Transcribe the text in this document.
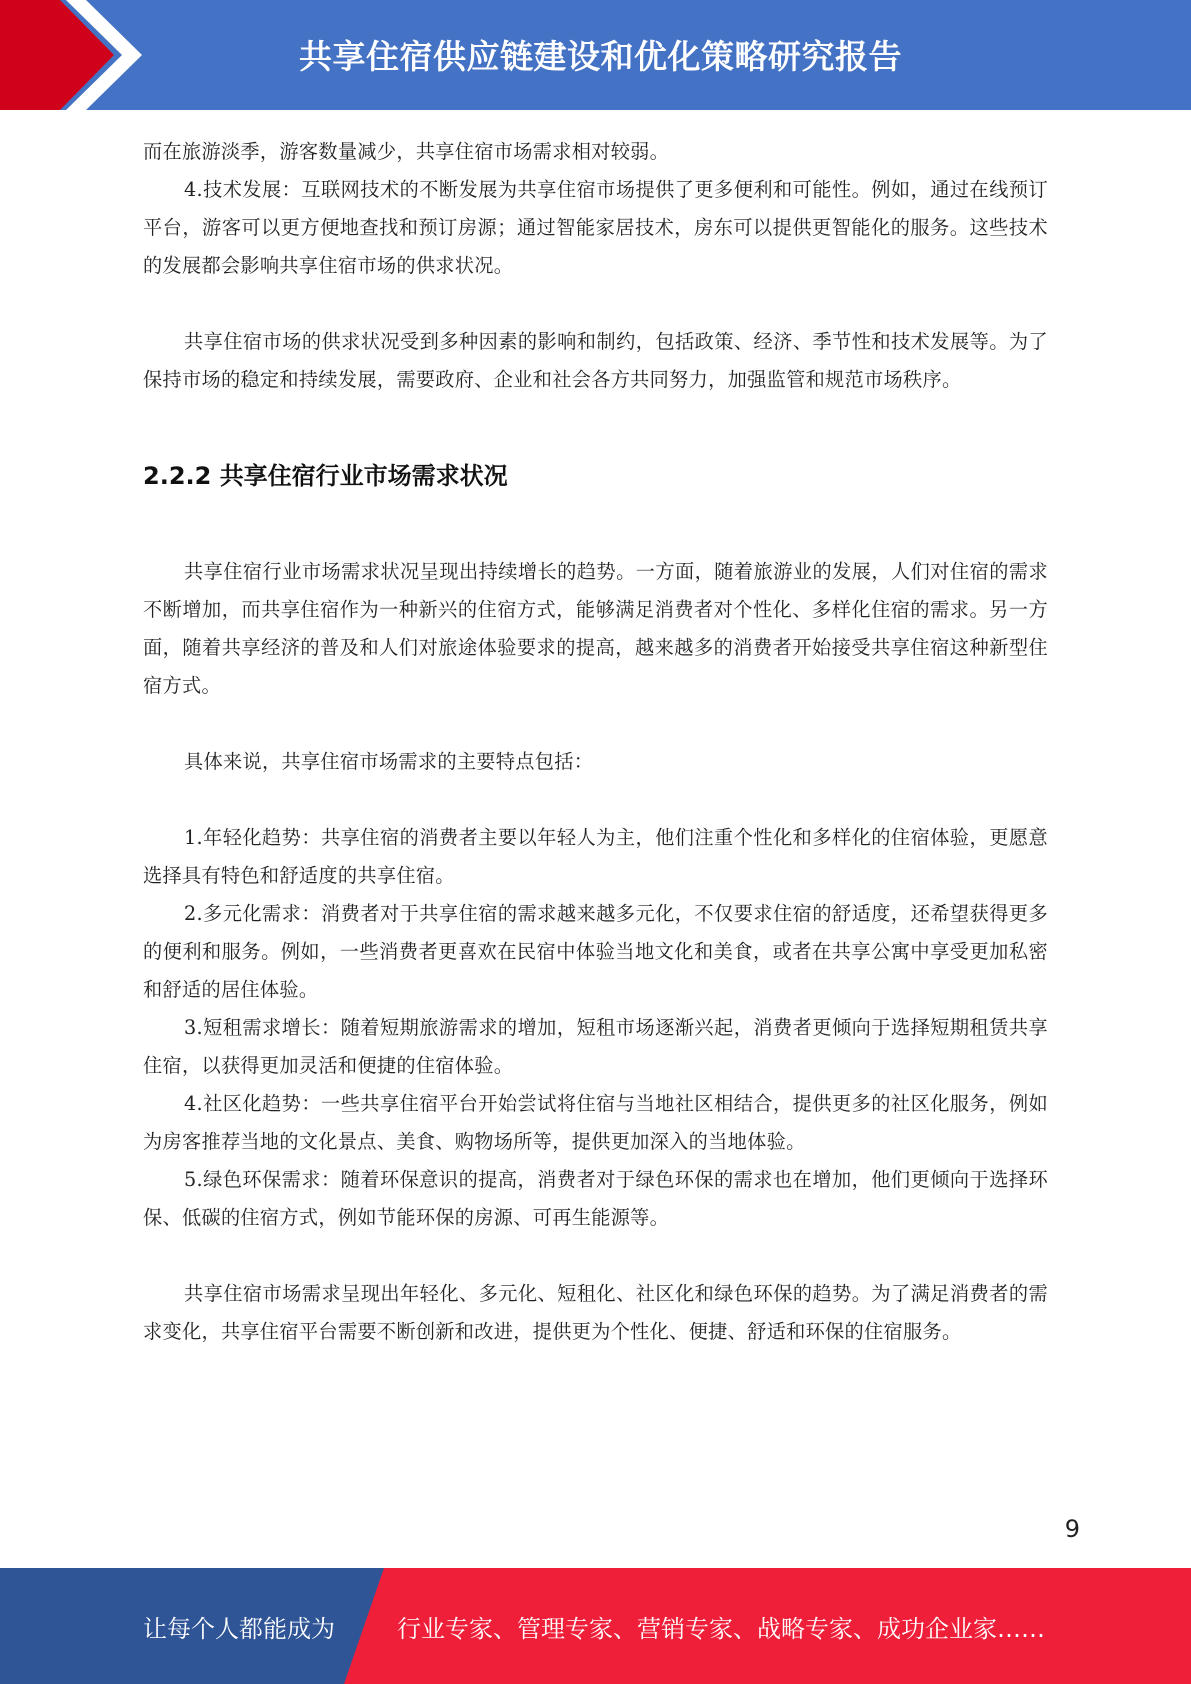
共享住宿供应链建设和优化策略研究报告

而在旅游淡季，游客数量减少，共享住宿市场需求相对较弱。

4.技术发展：互联网技术的不断发展为共享住宿市场提供了更多便利和可能性。例如，通过在线预订平台，游客可以更方便地查找和预订房源；通过智能家居技术，房东可以提供更智能化的服务。这些技术的发展都会影响共享住宿市场的供求状况。

共享住宿市场的供求状况受到多种因素的影响和制约，包括政策、经济、季节性和技术发展等。为了保持市场的稳定和持续发展，需要政府、企业和社会各方共同努力，加强监管和规范市场秩序。

2.2.2 共享住宿行业市场需求状况

共享住宿行业市场需求状况呈现出持续增长的趋势。一方面，随着旅游业的发展，人们对住宿的需求不断增加，而共享住宿作为一种新兴的住宿方式，能够满足消费者对个性化、多样化住宿的需求。另一方面，随着共享经济的普及和人们对旅途体验要求的提高，越来越多的消费者开始接受共享住宿这种新型住宿方式。

具体来说，共享住宿市场需求的主要特点包括：

1.年轻化趋势：共享住宿的消费者主要以年轻人为主，他们注重个性化和多样化的住宿体验，更愿意选择具有特色和舒适度的共享住宿。

2.多元化需求：消费者对于共享住宿的需求越来越多元化，不仅要求住宿的舒适度，还希望获得更多的便利和服务。例如，一些消费者更喜欢在民宿中体验当地文化和美食，或者在共享公寓中享受更加私密和舒适的居住体验。

3.短租需求增长：随着短期旅游需求的增加，短租市场逐渐兴起，消费者更倾向于选择短期租赁共享住宿，以获得更加灵活和便捷的住宿体验。

4.社区化趋势：一些共享住宿平台开始尝试将住宿与当地社区相结合，提供更多的社区化服务，例如为房客推荐当地的文化景点、美食、购物场所等，提供更加深入的当地体验。

5.绿色环保需求：随着环保意识的提高，消费者对于绿色环保的需求也在增加，他们更倾向于选择环保、低碳的住宿方式，例如节能环保的房源、可再生能源等。

共享住宿市场需求呈现出年轻化、多元化、短租化、社区化和绿色环保的趋势。为了满足消费者的需求变化，共享住宿平台需要不断创新和改进，提供更为个性化、便捷、舒适和环保的住宿服务。

9
让每个人都能成为	行业专家、管理专家、营销专家、战略专家、成功企业家……
